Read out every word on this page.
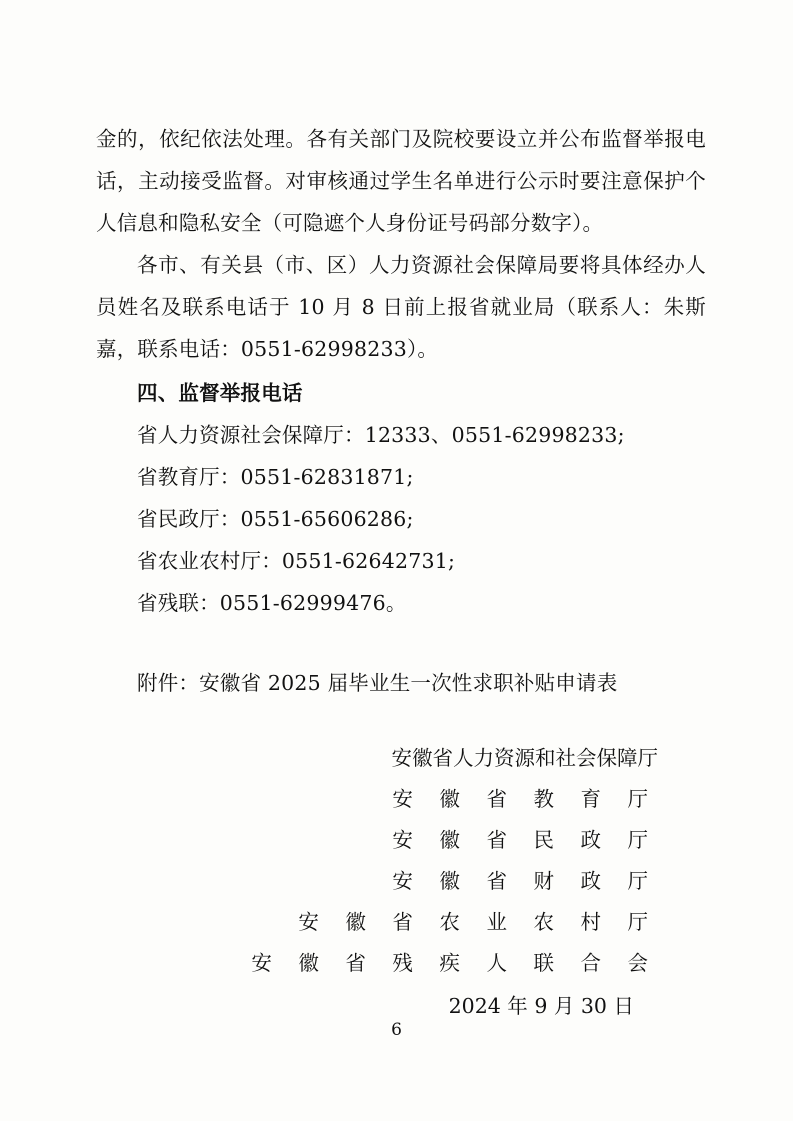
金的，依纪依法处理。各有关部门及院校要设立并公布监督举报电话，主动接受监督。对审核通过学生名单进行公示时要注意保护个人信息和隐私安全（可隐遮个人身份证号码部分数字）。

各市、有关县（市、区）人力资源社会保障局要将具体经办人员姓名及联系电话于 10 月 8 日前上报省就业局（联系人：朱斯嘉，联系电话：0551-62998233）。

四、监督举报电话

省人力资源社会保障厅：12333、0551-62998233;

省教育厅：0551-62831871;

省民政厅：0551-65606286;

省农业农村厅：0551-62642731;

省残联：0551-62999476。

附件：安徽省 2025 届毕业生一次性求职补贴申请表

安徽省人力资源和社会保障厅
安 徽 省 教 育 厅
安 徽 省 民 政 厅
安 徽 省 财 政 厅
安 徽 省 农 业 农 村 厅
安 徽 省 残 疾 人 联 合 会
2024 年 9 月 30 日
6
